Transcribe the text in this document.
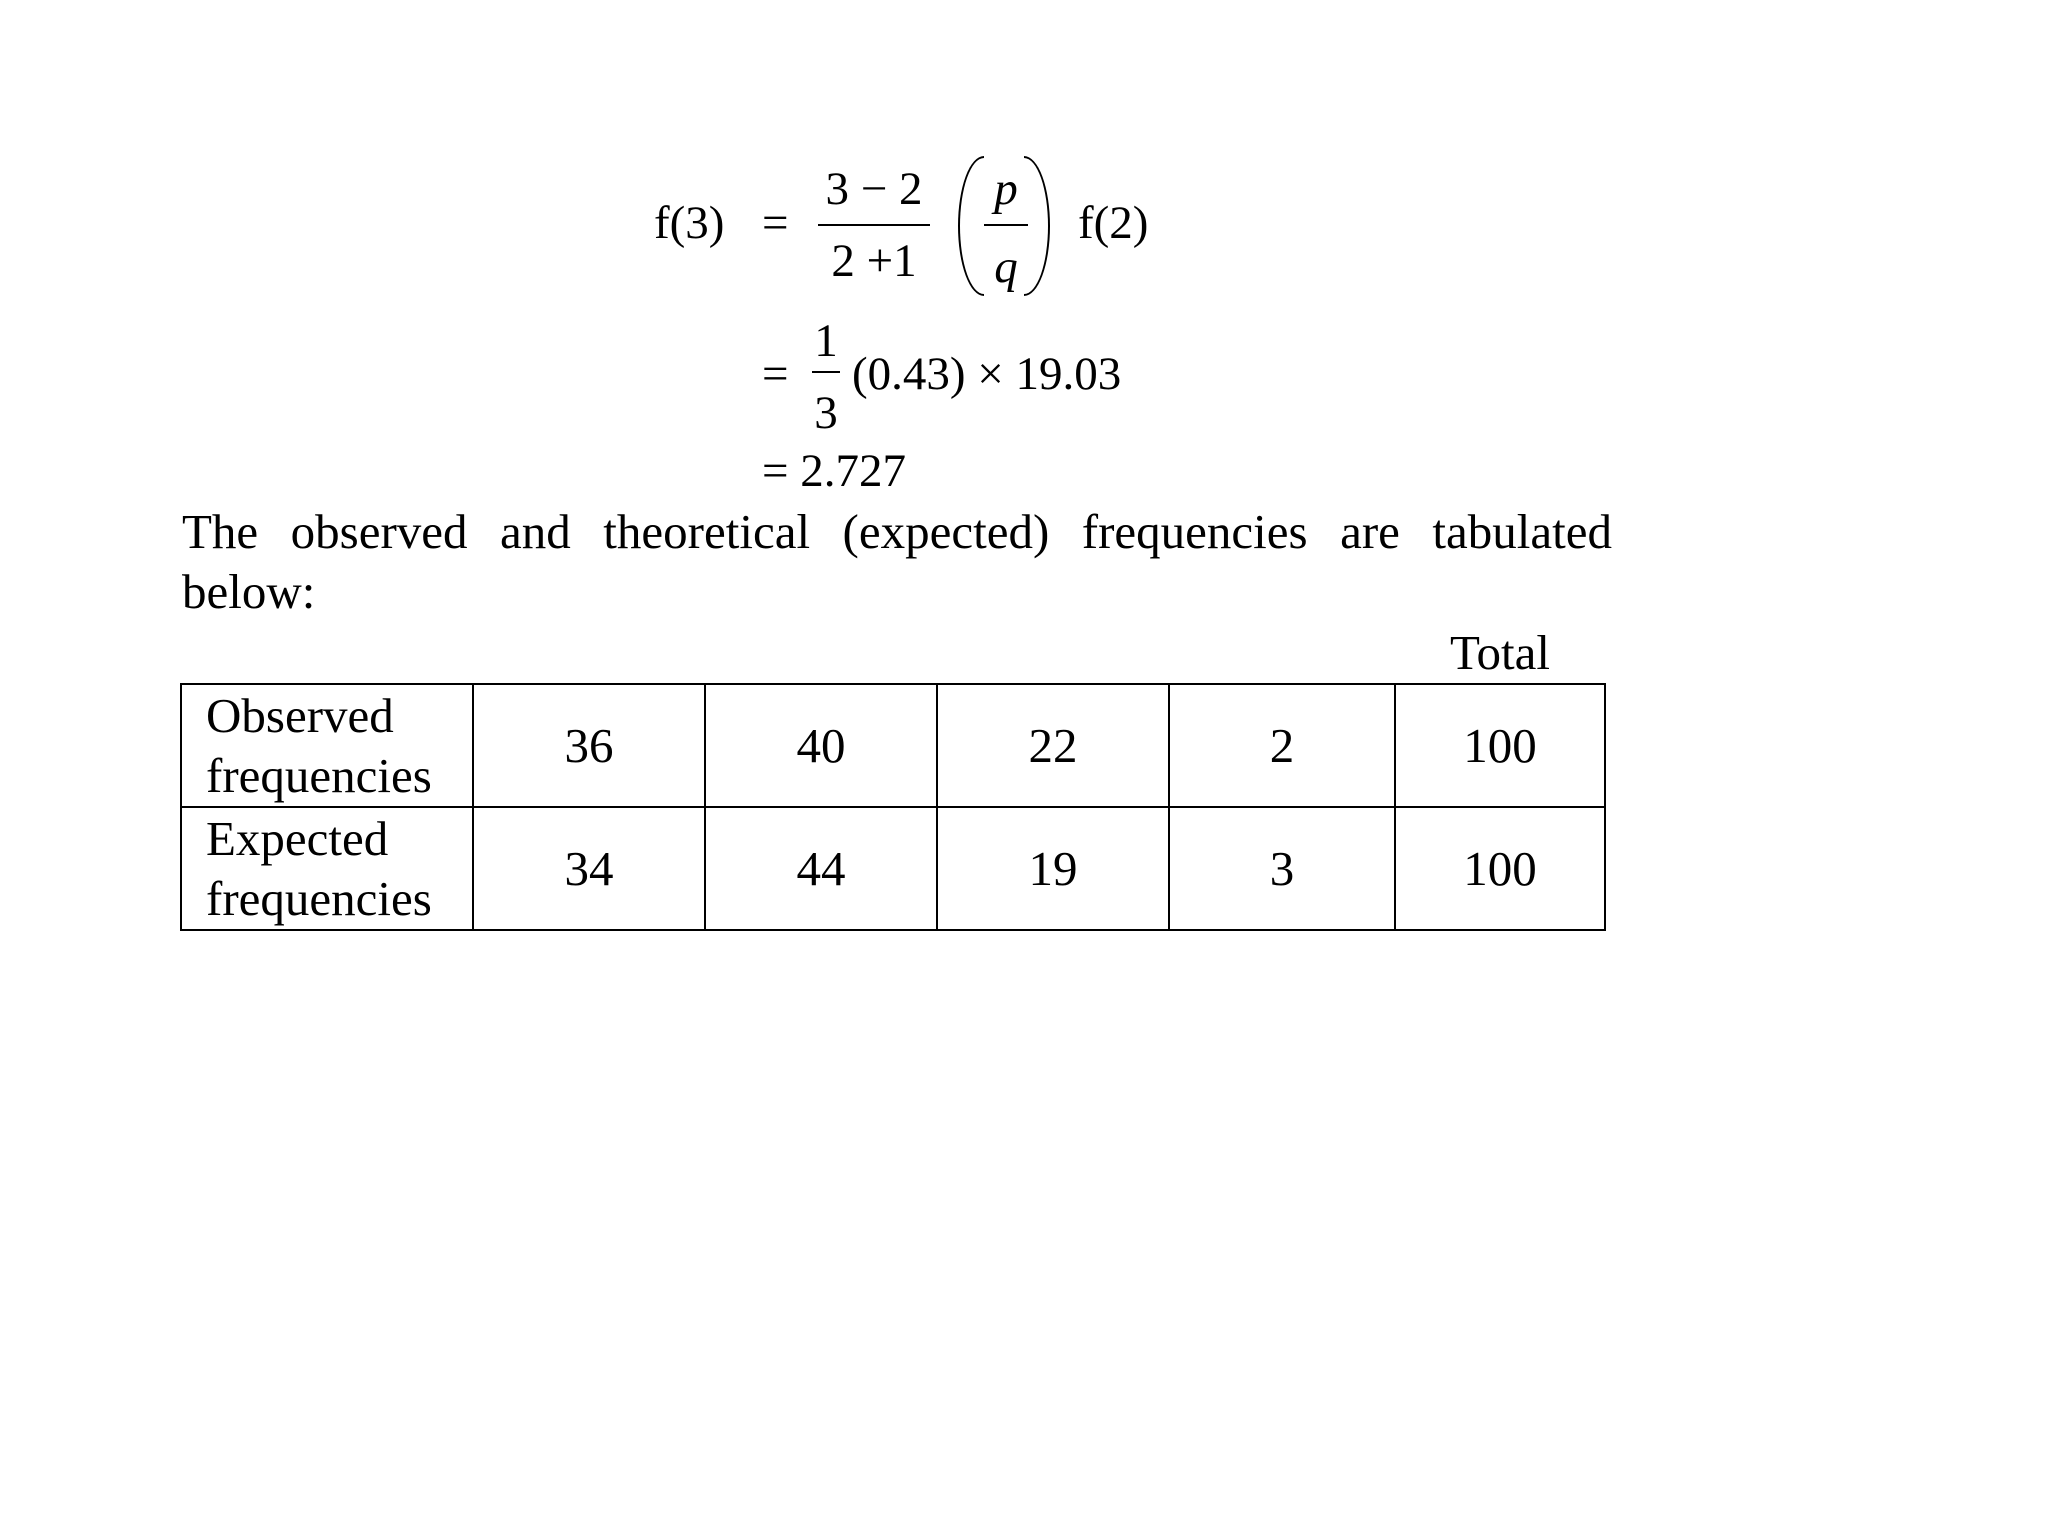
f(3) =
3 − 2
2 +1
p
q
f(2)
=
1
3
(0.43) × 19.03
= 2.727
The observed and theoretical (expected) frequencies are tabulated below:
Total
Observed
frequencies	36	40	22	2	100
Expected
frequencies	34	44	19	3	100
